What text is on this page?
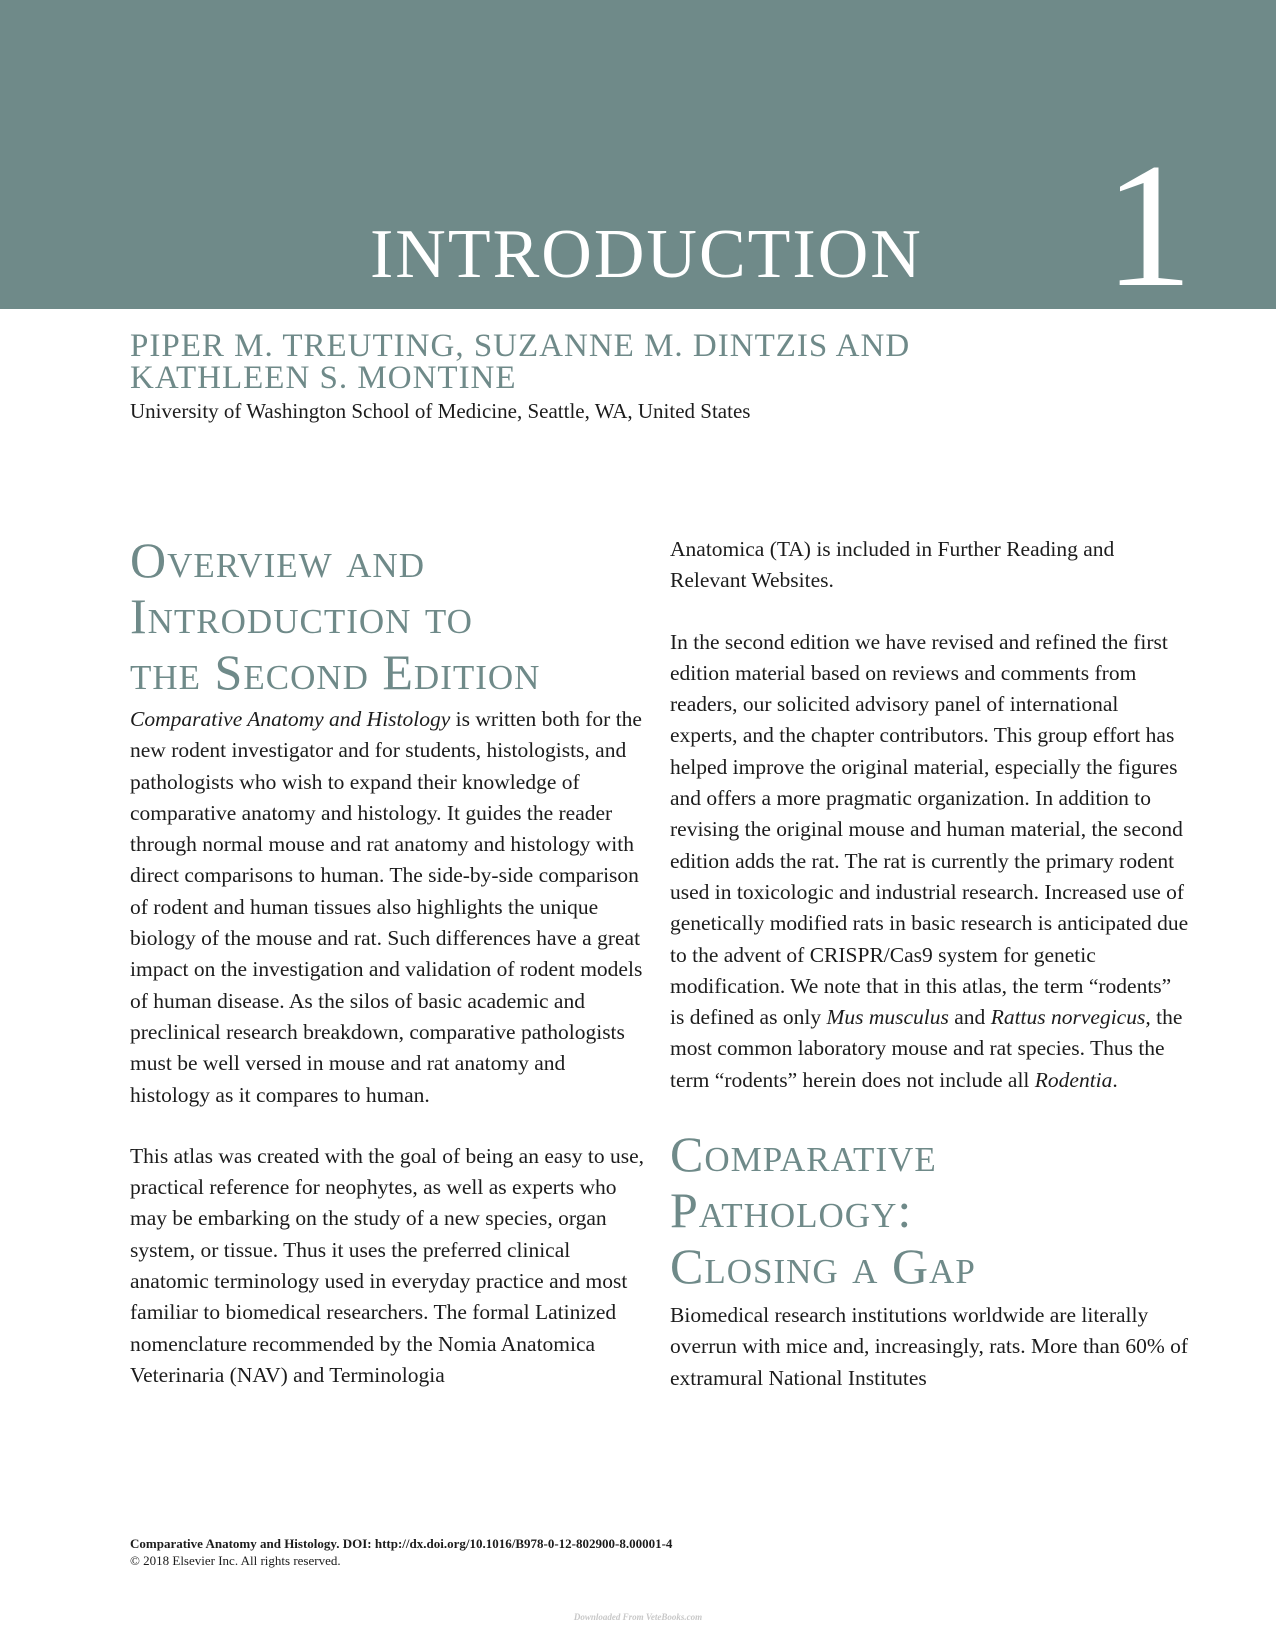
INTRODUCTION 1
PIPER M. TREUTING, SUZANNE M. DINTZIS AND
KATHLEEN S. MONTINE
University of Washington School of Medicine, Seattle, WA, United States
Overview and
Introduction to
the Second Edition

Comparative Anatomy and Histology is written both for the new rodent investigator and for students, histologists, and pathologists who wish to expand their knowledge of comparative anatomy and histology. It guides the reader through normal mouse and rat anatomy and histology with direct comparisons to human. The side-by-side comparison of rodent and human tissues also highlights the unique biology of the mouse and rat. Such differences have a great impact on the investigation and validation of rodent models of human disease. As the silos of basic academic and preclinical research breakdown, comparative pathologists must be well versed in mouse and rat anatomy and histology as it compares to human.

This atlas was created with the goal of being an easy to use, practical reference for neophytes, as well as experts who may be embarking on the study of a new species, organ system, or tissue. Thus it uses the preferred clinical anatomic terminology used in everyday practice and most familiar to biomedical researchers. The formal Latinized nomenclature recommended by the Nomia Anatomica Veterinaria (NAV) and Terminologia

Anatomica (TA) is included in Further Reading and Relevant Websites.

In the second edition we have revised and refined the first edition material based on reviews and comments from readers, our solicited advisory panel of international experts, and the chapter contributors. This group effort has helped improve the original material, especially the figures and offers a more pragmatic organization. In addition to revising the original mouse and human material, the second edition adds the rat. The rat is currently the primary rodent used in toxicologic and industrial research. Increased use of genetically modified rats in basic research is anticipated due to the advent of CRISPR/Cas9 system for genetic modification. We note that in this atlas, the term “rodents” is defined as only Mus musculus and Rattus norvegicus, the most common laboratory mouse and rat species. Thus the term “rodents” herein does not include all Rodentia.

Comparative
Pathology:
Closing a Gap

Biomedical research institutions worldwide are literally overrun with mice and, increasingly, rats. More than 60% of extramural National Institutes

Comparative Anatomy and Histology. DOI: http://dx.doi.org/10.1016/B978-0-12-802900-8.00001-4
© 2018 Elsevier Inc. All rights reserved.
Downloaded From VeteBooks.com
